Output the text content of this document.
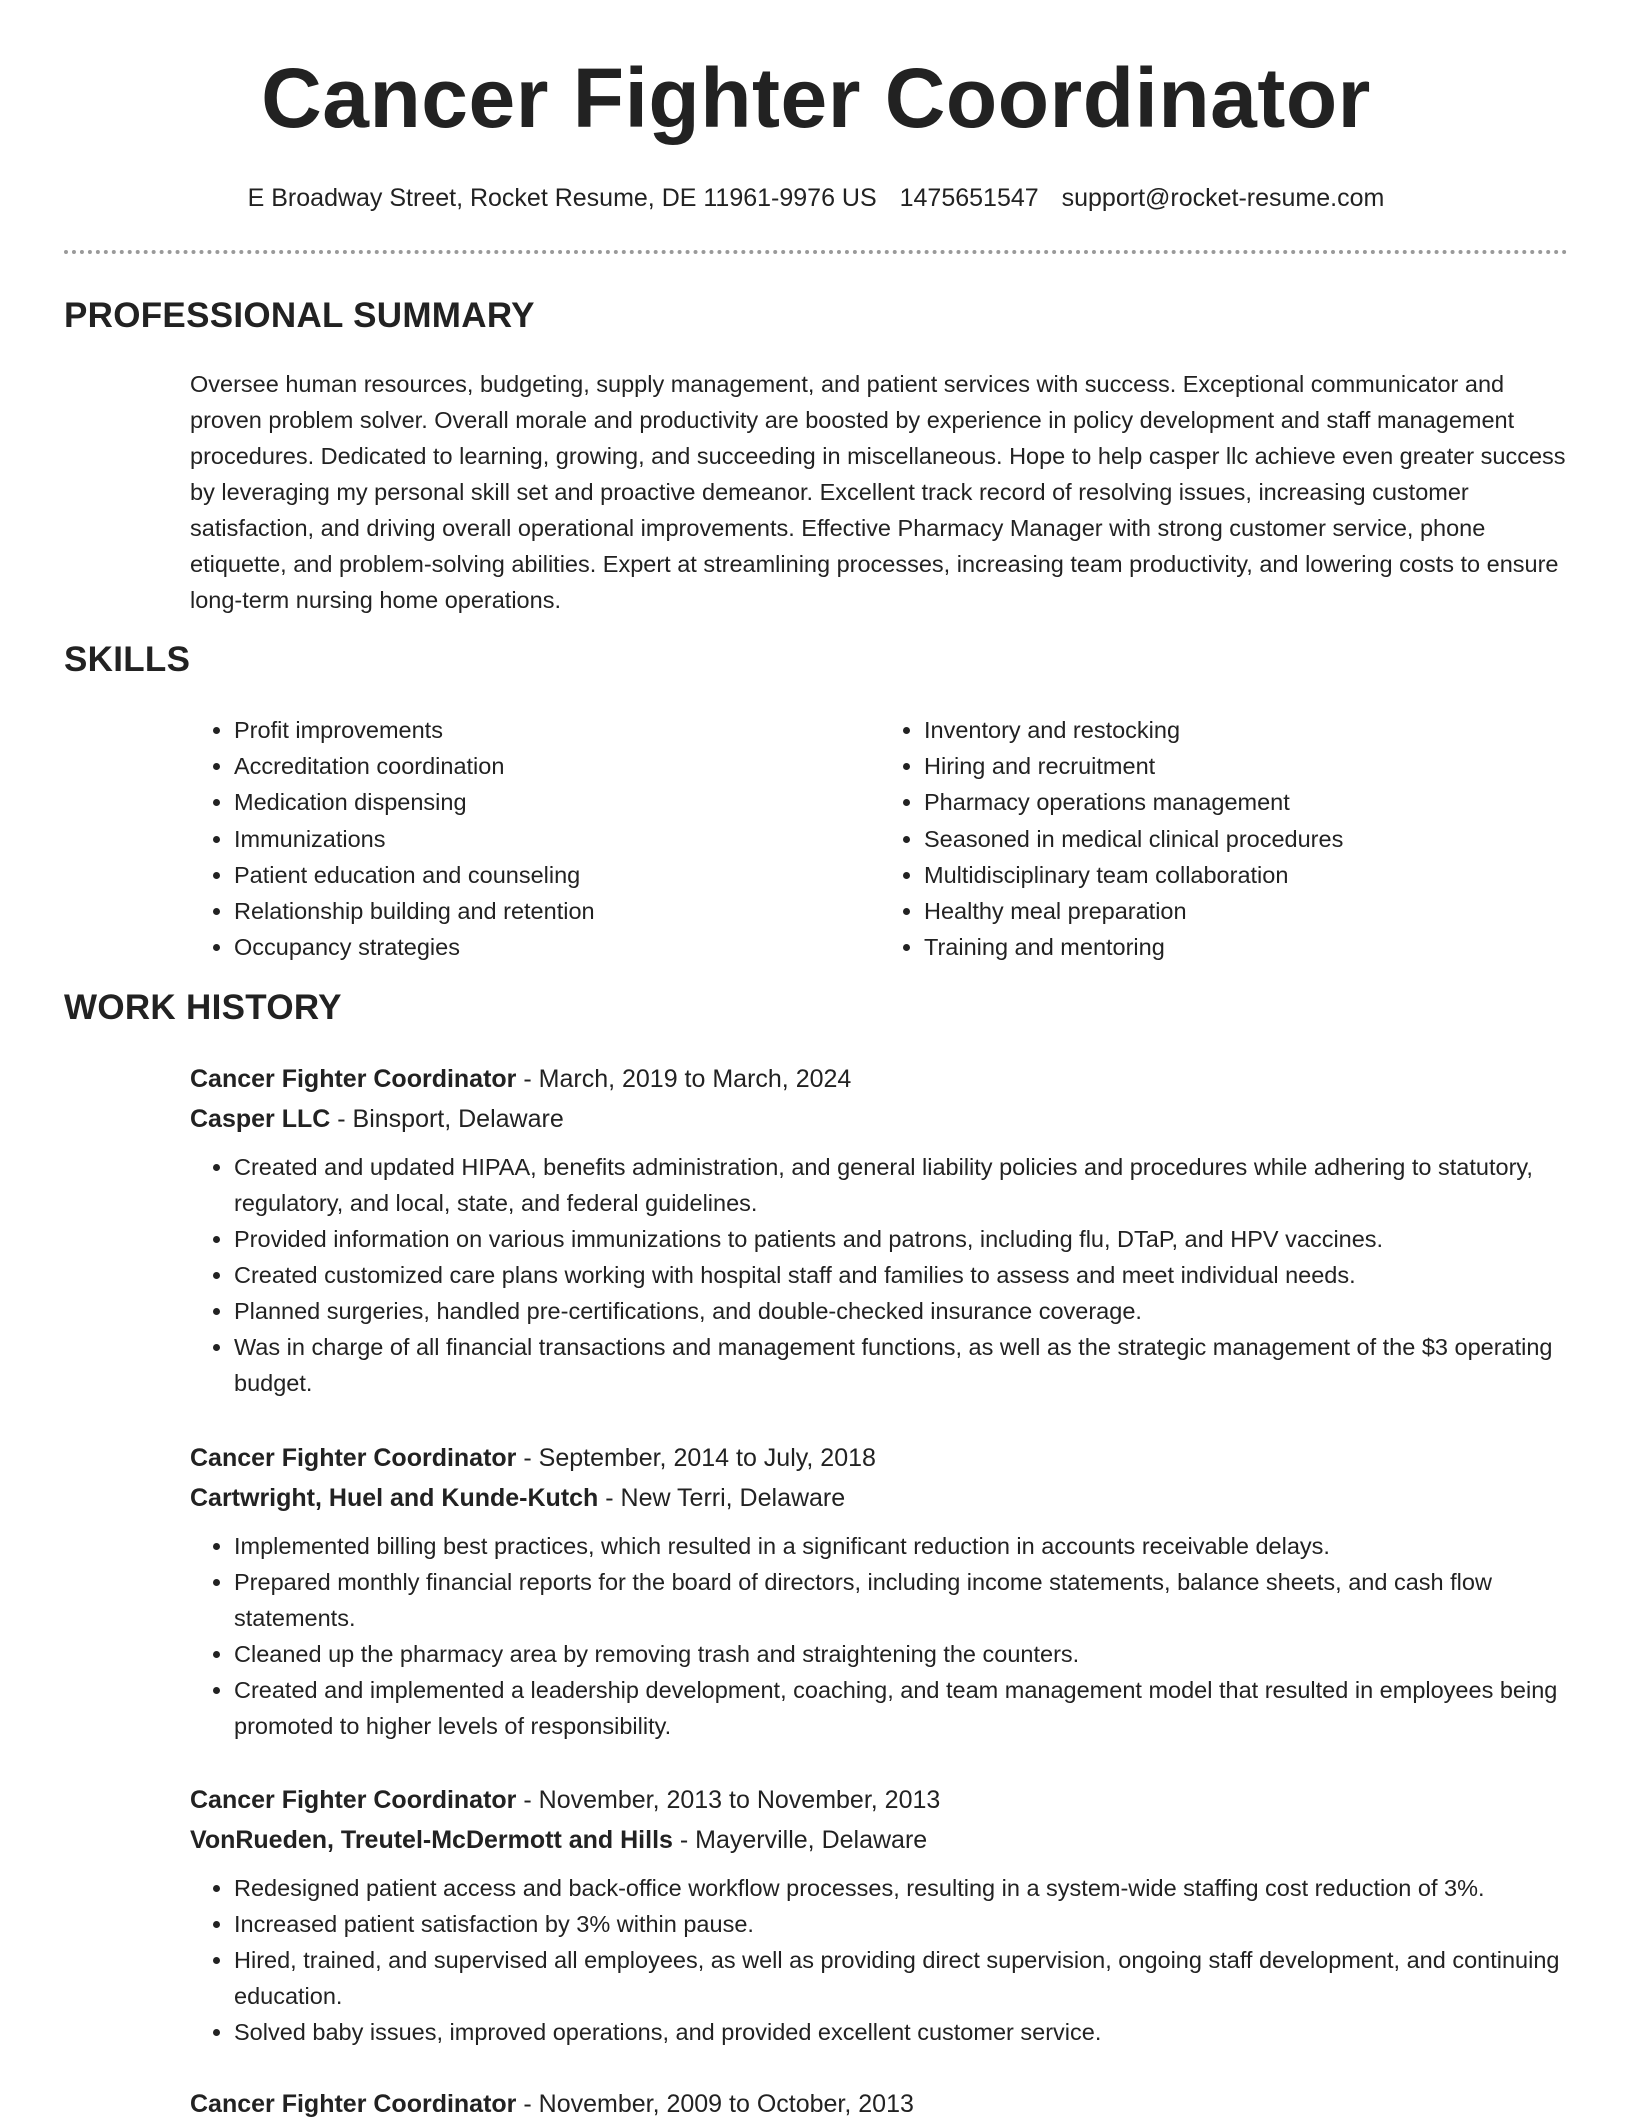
Cancer Fighter Coordinator
E Broadway Street, Rocket Resume, DE 11961-9976 US 1475651547 support@rocket-resume.com
PROFESSIONAL SUMMARY
Oversee human resources, budgeting, supply management, and patient services with success. Exceptional communicator and proven problem solver. Overall morale and productivity are boosted by experience in policy development and staff management procedures. Dedicated to learning, growing, and succeeding in miscellaneous. Hope to help casper llc achieve even greater success by leveraging my personal skill set and proactive demeanor. Excellent track record of resolving issues, increasing customer satisfaction, and driving overall operational improvements. Effective Pharmacy Manager with strong customer service, phone etiquette, and problem-solving abilities. Expert at streamlining processes, increasing team productivity, and lowering costs to ensure long-term nursing home operations.
SKILLS
• Profit improvements
• Accreditation coordination
• Medication dispensing
• Immunizations
• Patient education and counseling
• Relationship building and retention
• Occupancy strategies
• Inventory and restocking
• Hiring and recruitment
• Pharmacy operations management
• Seasoned in medical clinical procedures
• Multidisciplinary team collaboration
• Healthy meal preparation
• Training and mentoring
WORK HISTORY
Cancer Fighter Coordinator - March, 2019 to March, 2024
Casper LLC - Binsport, Delaware
• Created and updated HIPAA, benefits administration, and general liability policies and procedures while adhering to statutory, regulatory, and local, state, and federal guidelines.
• Provided information on various immunizations to patients and patrons, including flu, DTaP, and HPV vaccines.
• Created customized care plans working with hospital staff and families to assess and meet individual needs.
• Planned surgeries, handled pre-certifications, and double-checked insurance coverage.
• Was in charge of all financial transactions and management functions, as well as the strategic management of the $3 operating budget.
Cancer Fighter Coordinator - September, 2014 to July, 2018
Cartwright, Huel and Kunde-Kutch - New Terri, Delaware
• Implemented billing best practices, which resulted in a significant reduction in accounts receivable delays.
• Prepared monthly financial reports for the board of directors, including income statements, balance sheets, and cash flow statements.
• Cleaned up the pharmacy area by removing trash and straightening the counters.
• Created and implemented a leadership development, coaching, and team management model that resulted in employees being promoted to higher levels of responsibility.
Cancer Fighter Coordinator - November, 2013 to November, 2013
VonRueden, Treutel-McDermott and Hills - Mayerville, Delaware
• Redesigned patient access and back-office workflow processes, resulting in a system-wide staffing cost reduction of 3%.
• Increased patient satisfaction by 3% within pause.
• Hired, trained, and supervised all employees, as well as providing direct supervision, ongoing staff development, and continuing education.
• Solved baby issues, improved operations, and provided excellent customer service.
Cancer Fighter Coordinator - November, 2009 to October, 2013
